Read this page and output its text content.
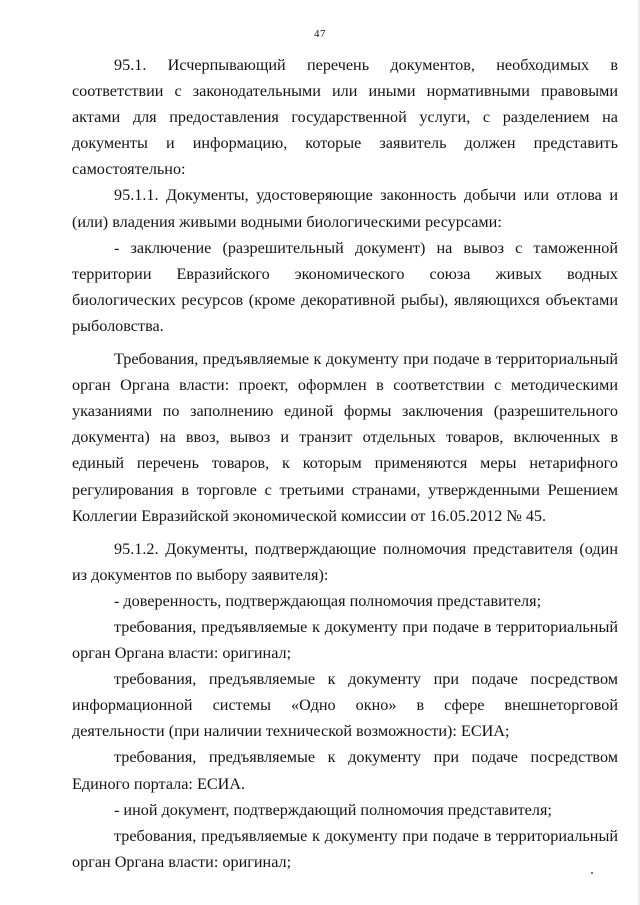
47

95.1. Исчерпывающий перечень документов, необходимых в соответствии с законодательными или иными нормативными правовыми актами для предоставления государственной услуги, с разделением на документы и информацию, которые заявитель должен представить самостоятельно:

95.1.1. Документы, удостоверяющие законность добычи или отлова и (или) владения живыми водными биологическими ресурсами:

- заключение (разрешительный документ) на вывоз с таможенной территории Евразийского экономического союза живых водных биологических ресурсов (кроме декоративной рыбы), являющихся объектами рыболовства.

Требования, предъявляемые к документу при подаче в территориальный орган Органа власти: проект, оформлен в соответствии с методическими указаниями по заполнению единой формы заключения (разрешительного документа) на ввоз, вывоз и транзит отдельных товаров, включенных в единый перечень товаров, к которым применяются меры нетарифного регулирования в торговле с третьими странами, утвержденными Решением Коллегии Евразийской экономической комиссии от 16.05.2012 № 45.

95.1.2. Документы, подтверждающие полномочия представителя (один из документов по выбору заявителя):

- доверенность, подтверждающая полномочия представителя;

требования, предъявляемые к документу при подаче в территориальный орган Органа власти: оригинал;

требования, предъявляемые к документу при подаче посредством информационной системы «Одно окно» в сфере внешнеторговой деятельности (при наличии технической возможности): ЕСИА;

требования, предъявляемые к документу при подаче посредством Единого портала: ЕСИА.

- иной документ, подтверждающий полномочия представителя;

требования, предъявляемые к документу при подаче в территориальный орган Органа власти: оригинал;
